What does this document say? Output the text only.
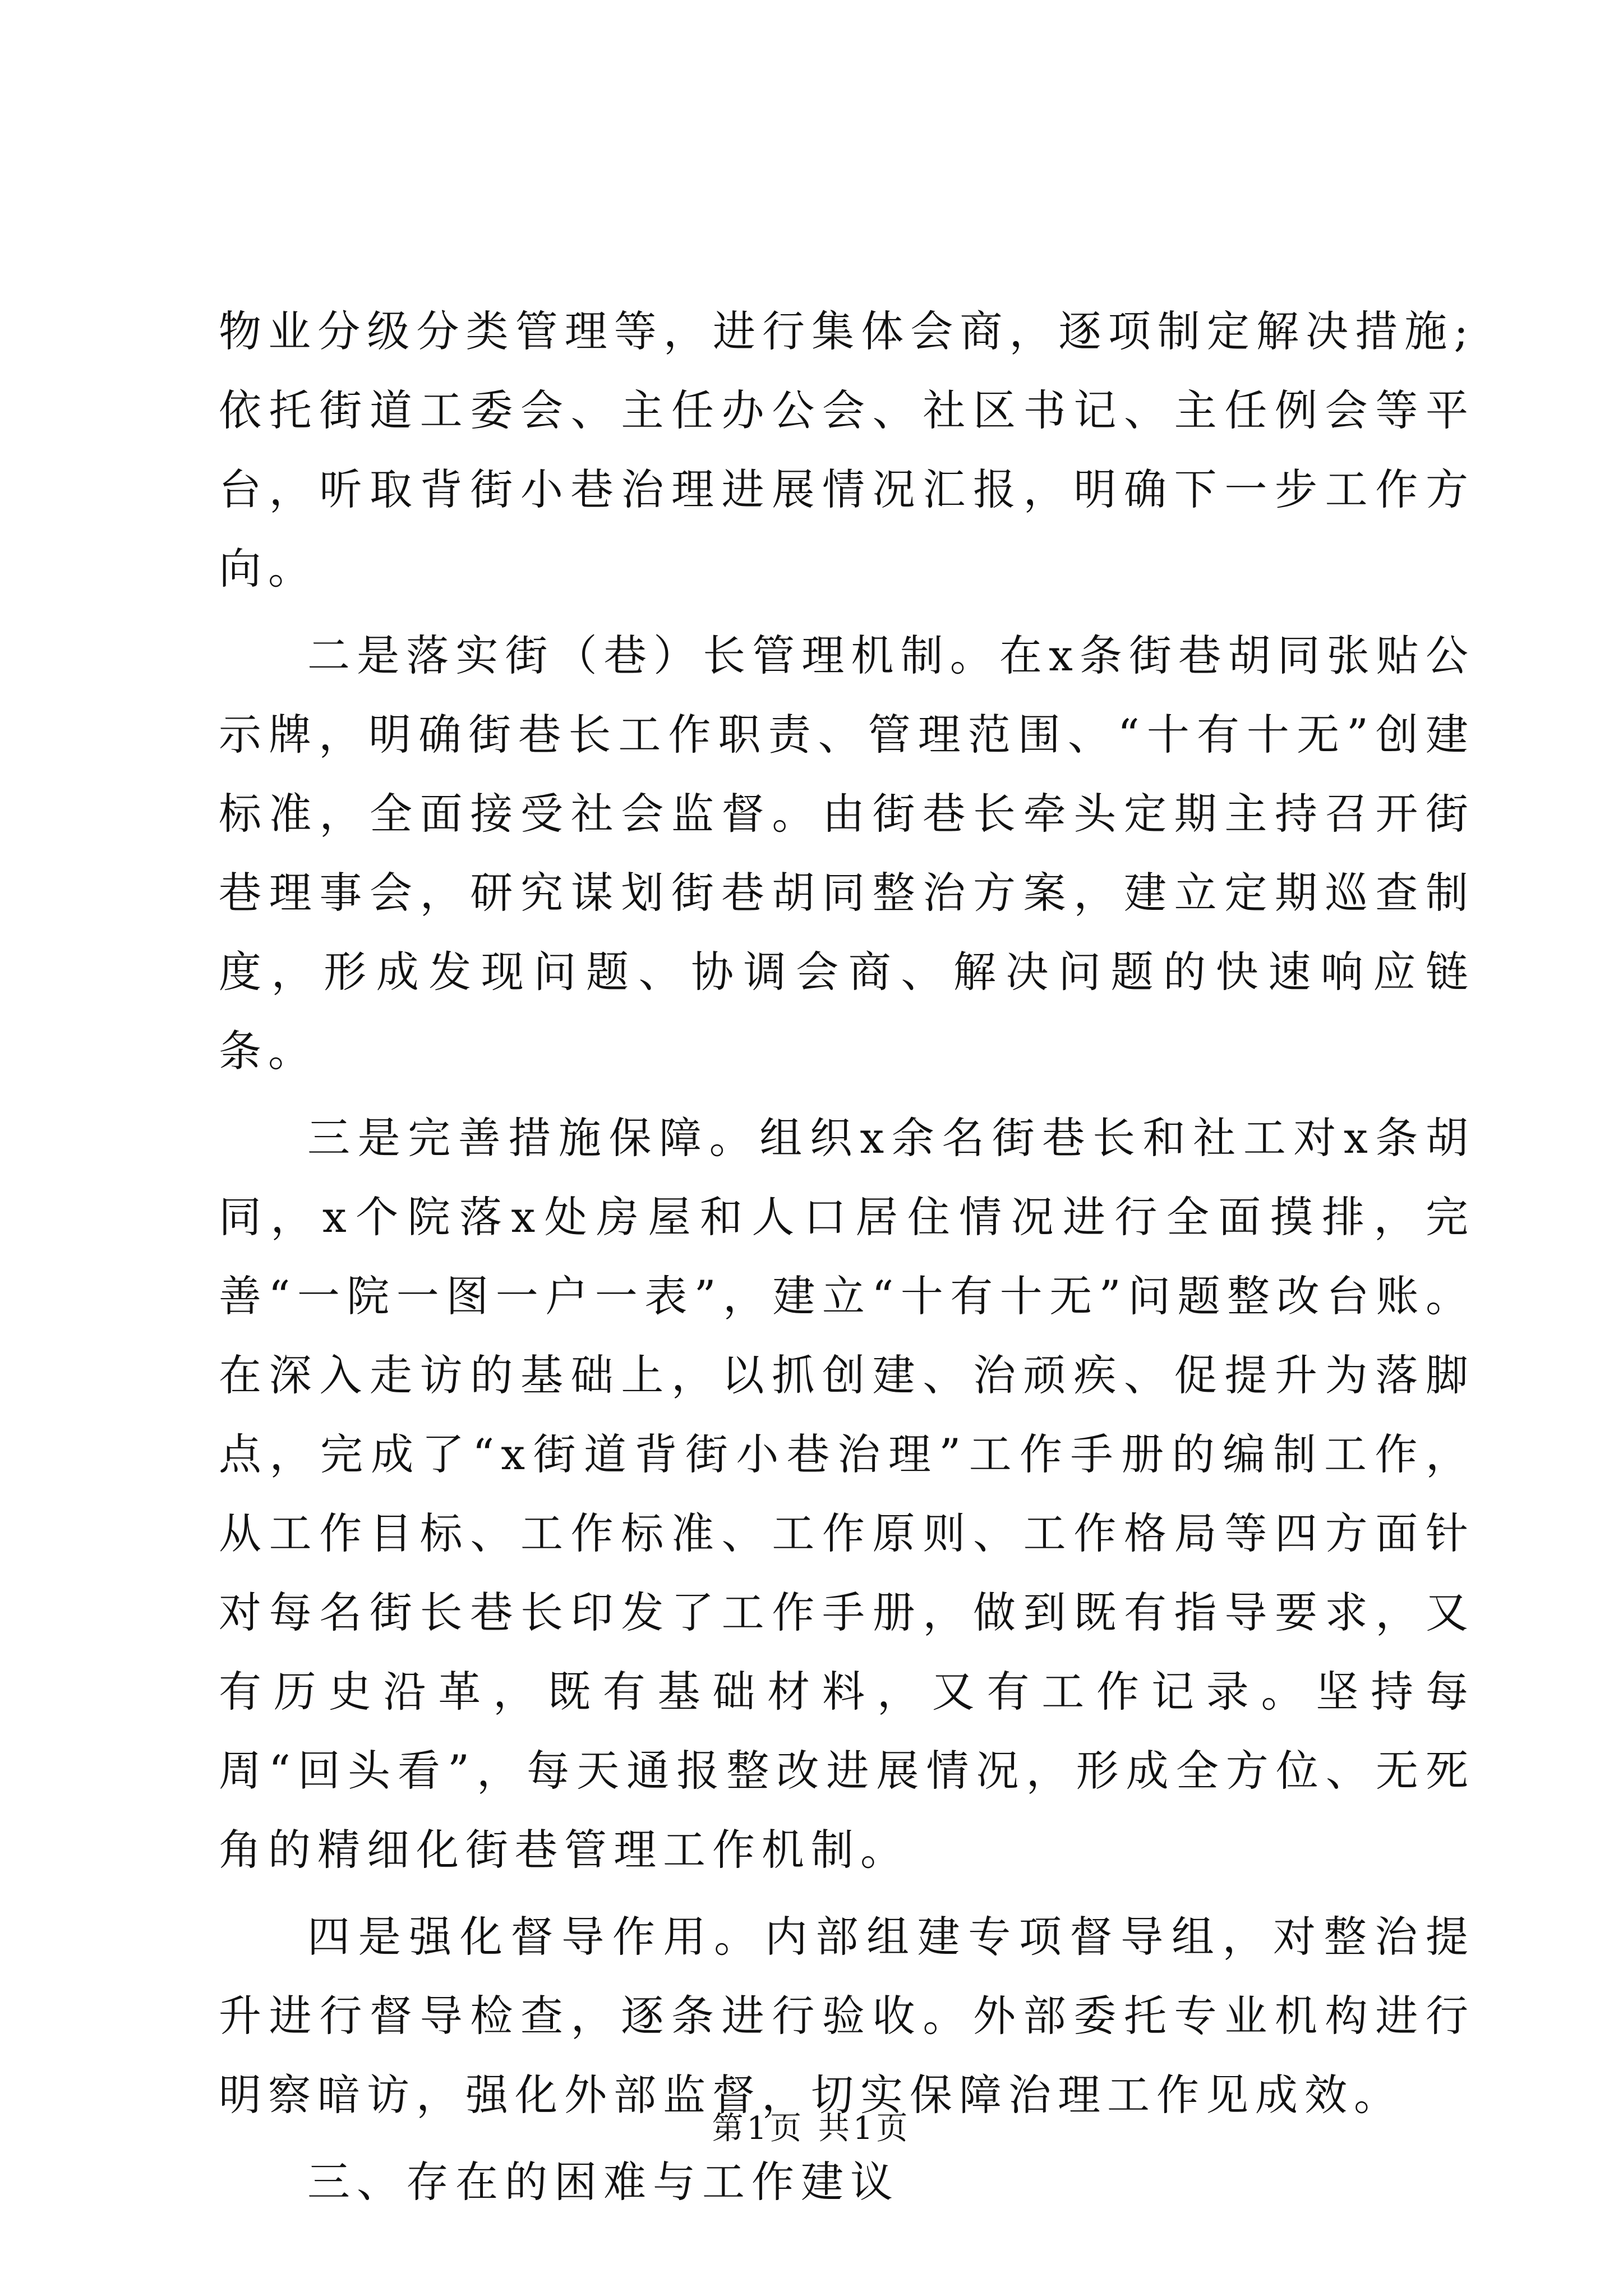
物业分级分类管理等，进行集体会商，逐项制定解决措施;依托街道工委会、主任办公会、社区书记、主任例会等平台，听取背街小巷治理进展情况汇报，明确下一步工作方向。

二是落实街（巷）长管理机制。在x条街巷胡同张贴公示牌，明确街巷长工作职责、管理范围、“十有十无”创建标准，全面接受社会监督。由街巷长牵头定期主持召开街巷理事会，研究谋划街巷胡同整治方案，建立定期巡查制度，形成发现问题、协调会商、解决问题的快速响应链条。

三是完善措施保障。组织x余名街巷长和社工对x条胡同，x个院落x处房屋和人口居住情况进行全面摸排，完善“一院一图一户一表”，建立“十有十无”问题整改台账。在深入走访的基础上，以抓创建、治顽疾、促提升为落脚点，完成了“x街道背街小巷治理”工作手册的编制工作，从工作目标、工作标准、工作原则、工作格局等四方面针对每名街长巷长印发了工作手册，做到既有指导要求，又有历史沿革，既有基础材料，又有工作记录。坚持每周“回头看”，每天通报整改进展情况，形成全方位、无死角的精细化街巷管理工作机制。

四是强化督导作用。内部组建专项督导组，对整治提升进行督导检查，逐条进行验收。外部委托专业机构进行明察暗访，强化外部监督，切实保障治理工作见成效。

三、存在的困难与工作建议

第1页 共1页
